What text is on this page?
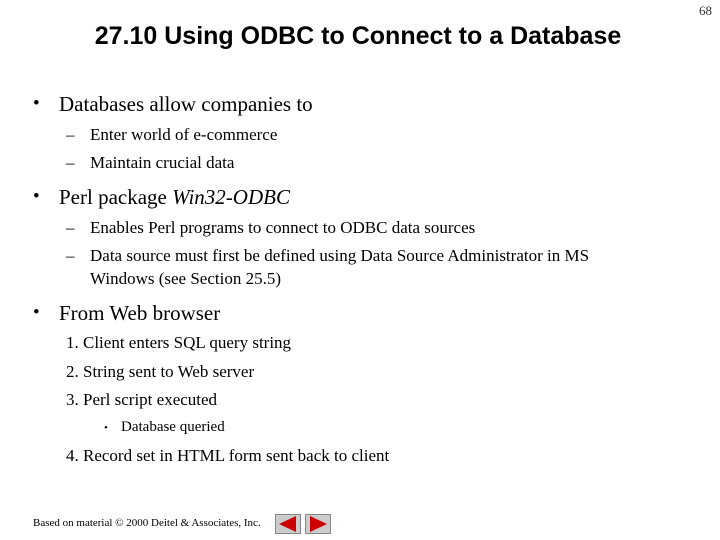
68
27.10 Using ODBC to Connect to a Database
• Databases allow companies to
– Enter world of e-commerce
– Maintain crucial data
• Perl package Win32-ODBC
– Enables Perl programs to connect to ODBC data sources
– Data source must first be defined using Data Source Administrator in MS
Windows (see Section 25.5)
• From Web browser
1. Client enters SQL query string
2. String sent to Web server
3. Perl script executed
• Database queried
4. Record set in HTML form sent back to client
Based on material © 2000 Deitel & Associates, Inc.
